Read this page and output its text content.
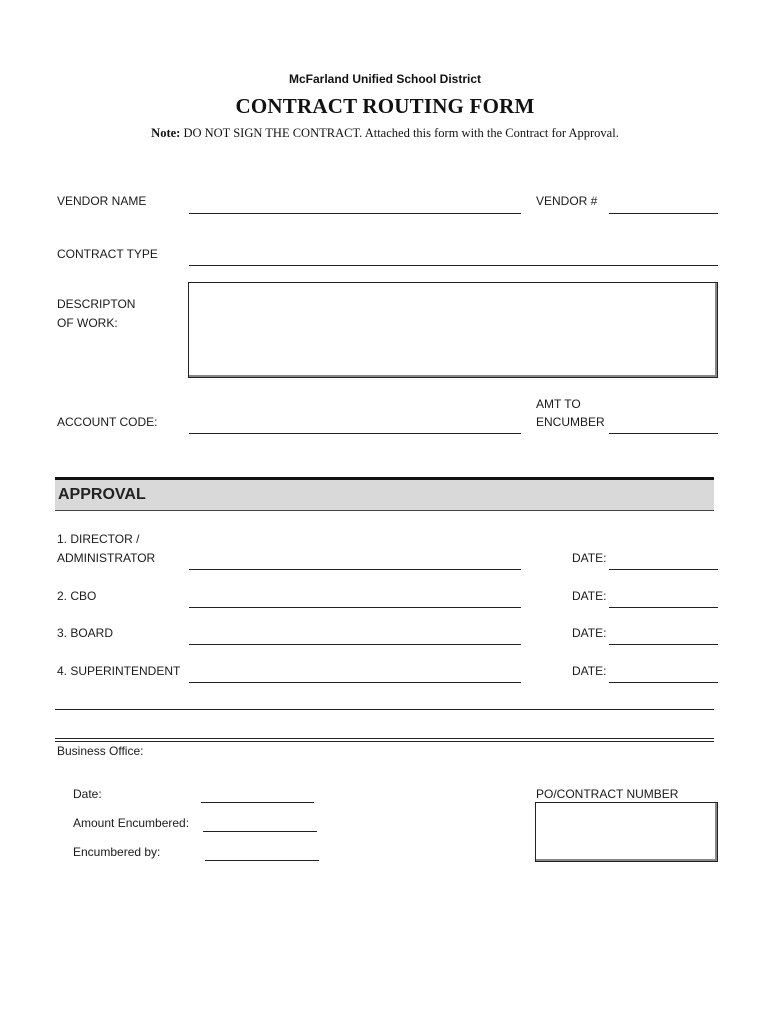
McFarland Unified School District
CONTRACT ROUTING FORM
Note: DO NOT SIGN THE CONTRACT. Attached this form with the Contract for Approval.
VENDOR NAME	VENDOR #
CONTRACT TYPE
DESCRIPTON
OF WORK:
ACCOUNT CODE:
AMT TO
ENCUMBER
APPROVAL
1. DIRECTOR /
ADMINISTRATOR	DATE:
2. CBO	DATE:
3. BOARD	DATE:
4. SUPERINTENDENT	DATE:
Business Office:
Date:
Amount Encumbered:
Encumbered by:
PO/CONTRACT NUMBER
